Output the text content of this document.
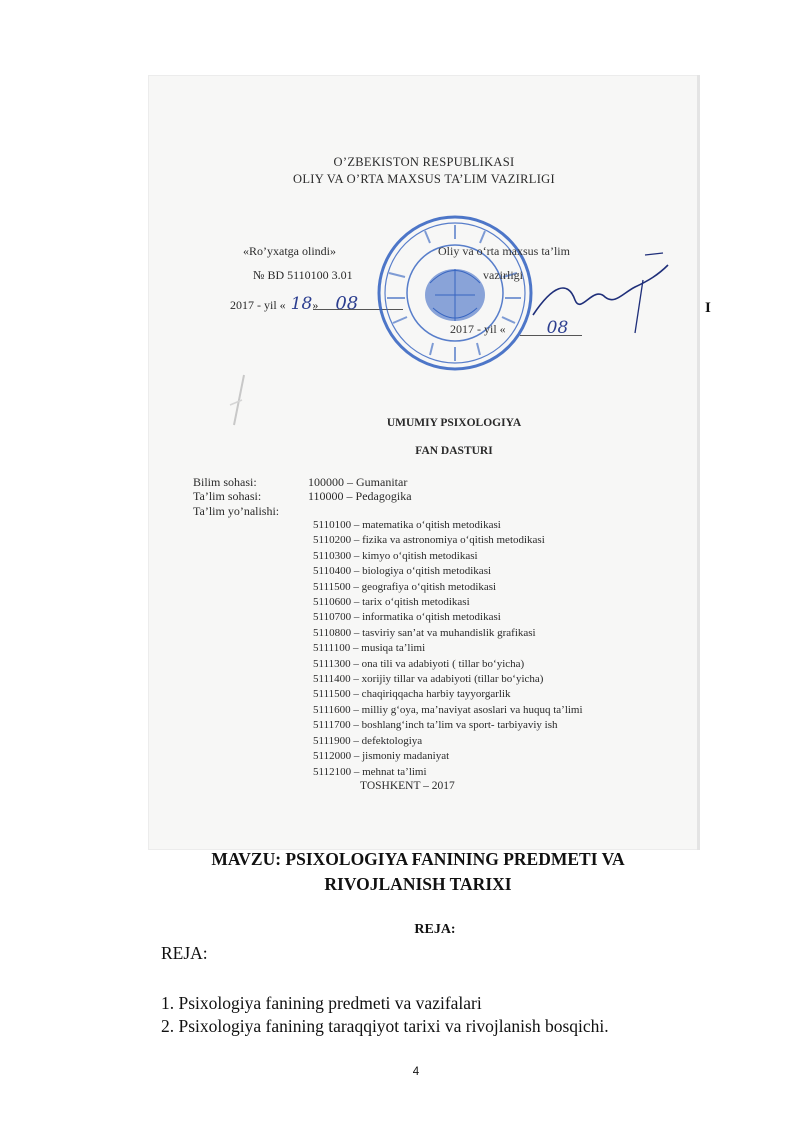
O’ZBEKISTON RESPUBLIKASI
OLIY VA O’RTA MAXSUS TA’LIM VAZIRLIGI
«Ro’yxatga olindi»
№ BD 5110100 3.01
2017 - yil « 18» 08
Oliy va o‘rta maxsus ta’lim
vazirligi
2017 - yil « 08
UMUMIY PSIXOLOGIYA
FAN DASTURI
Bilim sohasi:	100000 – Gumanitar
Ta’lim sohasi:	110000 – Pedagogika
Ta’lim yo’nalishi:
5110100 – matematika o‘qitish metodikasi
5110200 – fizika va astronomiya o‘qitish metodikasi
5110300 – kimyo o‘qitish metodikasi
5110400 – biologiya o‘qitish metodikasi
5111500 – geografiya o‘qitish metodikasi
5110600 – tarix o‘qitish metodikasi
5110700 – informatika o‘qitish metodikasi
5110800 – tasviriy san’at va muhandislik grafikasi
5111100 – musiqa ta’limi
5111300 – ona tili va adabiyoti ( tillar bo‘yicha)
5111400 – xorijiy tillar va adabiyoti (tillar bo‘yicha)
5111500 – chaqiriqqacha harbiy tayyorgarlik
5111600 – milliy g‘oya, ma’naviyat asoslari va huquq ta’limi
5111700 – boshlang‘inch ta’lim va sport- tarbiyaviy ish
5111900 – defektologiya
5112000 – jismoniy madaniyat
5112100 – mehnat ta’limi
TOSHKENT – 2017
I
MAVZU: PSIXOLOGIYA FANINING PREDMETI VA
RIVOJLANISH TARIXI
REJA:
REJA:
1. Psixologiya fanining predmeti va vazifalari
2. Psixologiya fanining taraqqiyot tarixi va rivojlanish bosqichi.
4
